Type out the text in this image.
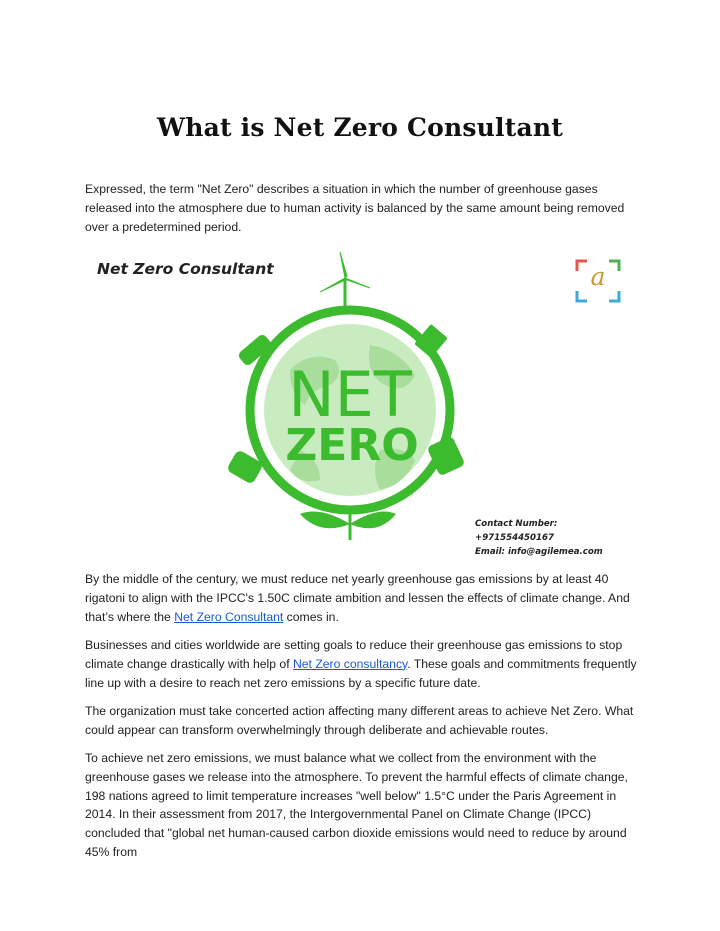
What is Net Zero Consultant

Expressed, the term "Net Zero" describes a situation in which the number of greenhouse gases released into the atmosphere due to human activity is balanced by the same amount being removed over a predetermined period.

Net Zero Consultant	a
NET
ZERO
Contact Number: +971554450167
Email: info@agilemea.com

By the middle of the century, we must reduce net yearly greenhouse gas emissions by at least 40 rigatoni to align with the IPCC's 1.50C climate ambition and lessen the effects of climate change. And that’s where the Net Zero Consultant comes in.

Businesses and cities worldwide are setting goals to reduce their greenhouse gas emissions to stop climate change drastically with help of Net Zero consultancy. These goals and commitments frequently line up with a desire to reach net zero emissions by a specific future date.

The organization must take concerted action affecting many different areas to achieve Net Zero. What could appear can transform overwhelmingly through deliberate and achievable routes.

To achieve net zero emissions, we must balance what we collect from the environment with the greenhouse gases we release into the atmosphere. To prevent the harmful effects of climate change, 198 nations agreed to limit temperature increases "well below" 1.5°C under the Paris Agreement in 2014. In their assessment from 2017, the Intergovernmental Panel on Climate Change (IPCC) concluded that "global net human-caused carbon dioxide emissions would need to reduce by around 45% from
